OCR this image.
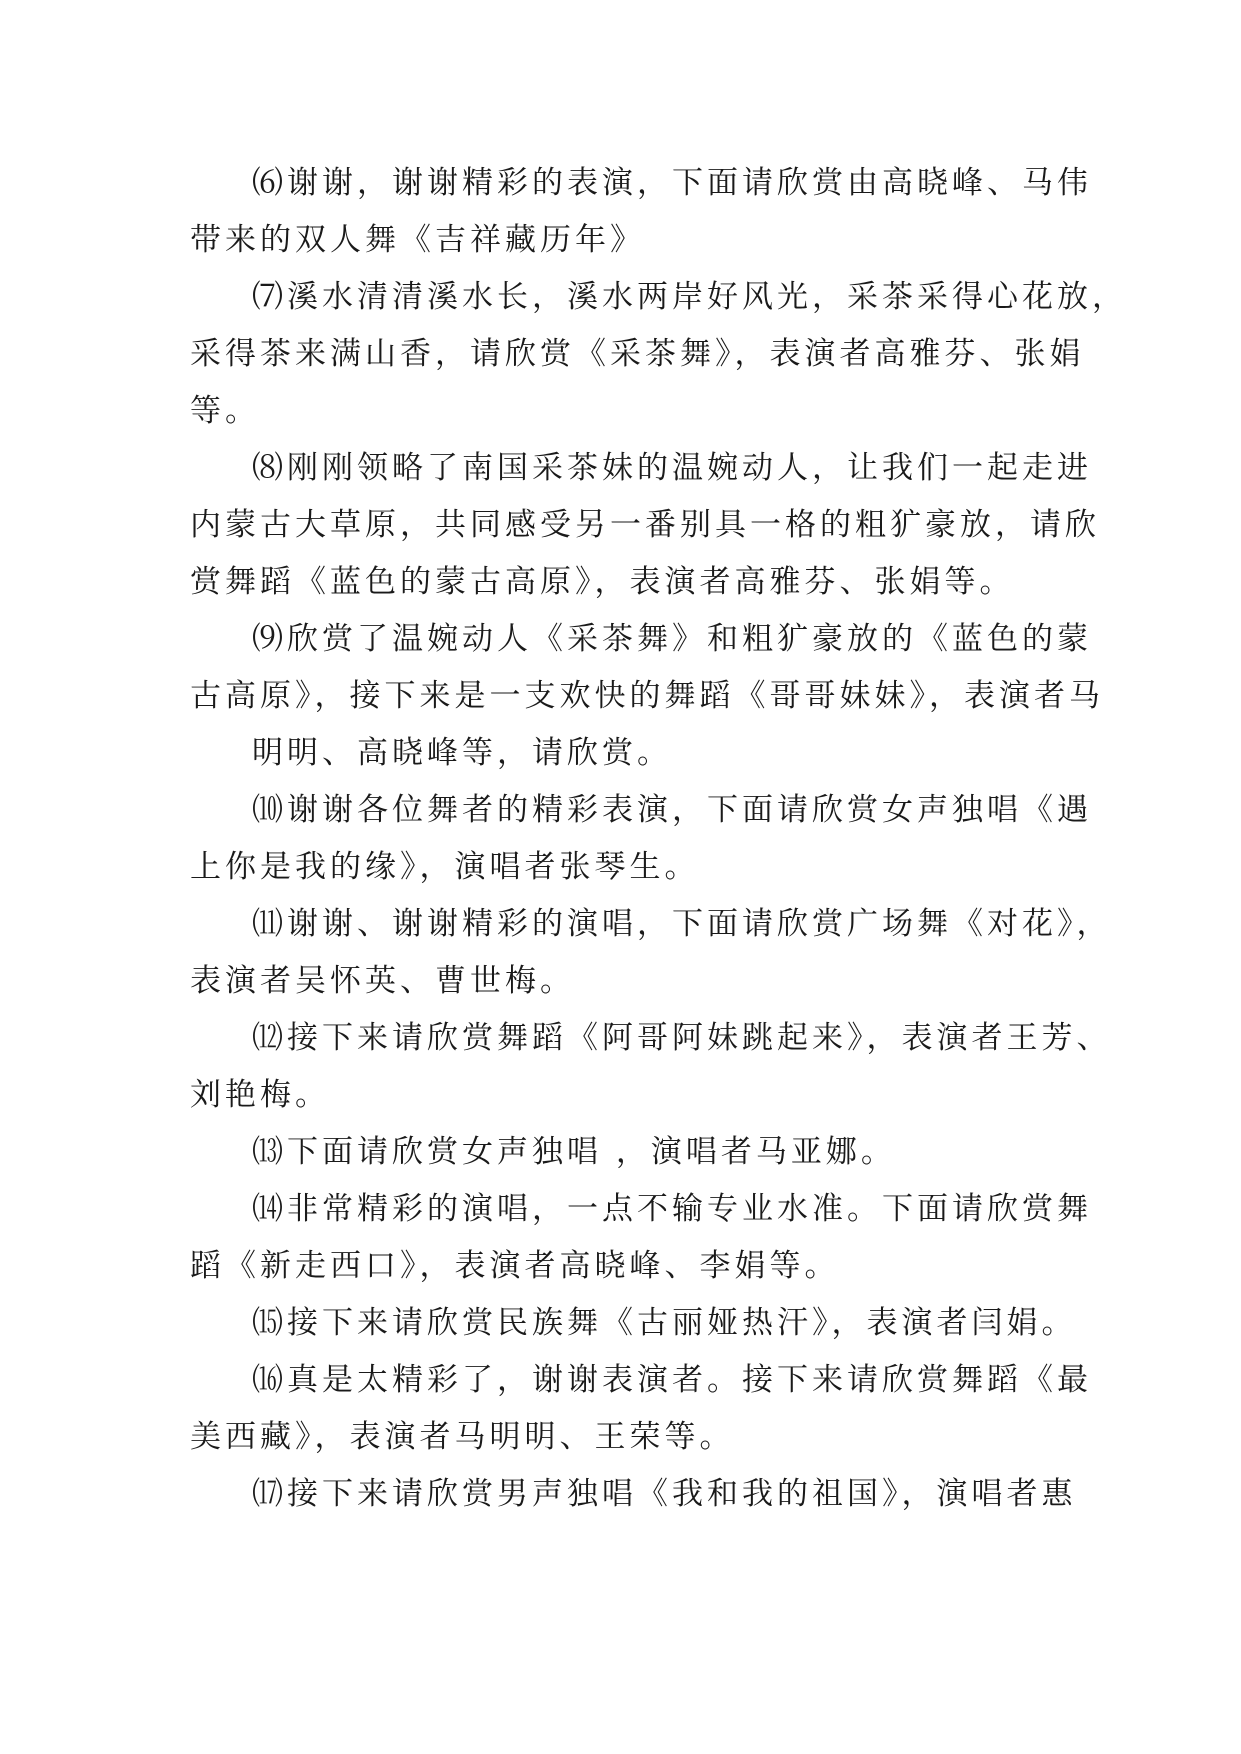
⑹谢谢，谢谢精彩的表演，下面请欣赏由高晓峰、马伟
带来的双人舞《吉祥藏历年》
⑺溪水清清溪水长，溪水两岸好风光，采茶采得心花放，
采得茶来满山香，请欣赏《采茶舞》，表演者高雅芬、张娟
等。
⑻刚刚领略了南国采茶妹的温婉动人，让我们一起走进
内蒙古大草原，共同感受另一番别具一格的粗犷豪放，请欣
赏舞蹈《蓝色的蒙古高原》，表演者高雅芬、张娟等。
⑼欣赏了温婉动人《采茶舞》和粗犷豪放的《蓝色的蒙
古高原》，接下来是一支欢快的舞蹈《哥哥妹妹》，表演者马
明明、高晓峰等，请欣赏。
⑽谢谢各位舞者的精彩表演，下面请欣赏女声独唱《遇
上你是我的缘》，演唱者张琴生。
⑾谢谢、谢谢精彩的演唱，下面请欣赏广场舞《对花》，
表演者吴怀英、曹世梅。
⑿接下来请欣赏舞蹈《阿哥阿妹跳起来》，表演者王芳、
刘艳梅。
⒀下面请欣赏女声独唱 ，演唱者马亚娜。
⒁非常精彩的演唱，一点不输专业水准。下面请欣赏舞
蹈《新走西口》，表演者高晓峰、李娟等。
⒂接下来请欣赏民族舞《古丽娅热汗》，表演者闫娟。
⒃真是太精彩了，谢谢表演者。接下来请欣赏舞蹈《最
美西藏》，表演者马明明、王荣等。
⒄接下来请欣赏男声独唱《我和我的祖国》，演唱者惠
